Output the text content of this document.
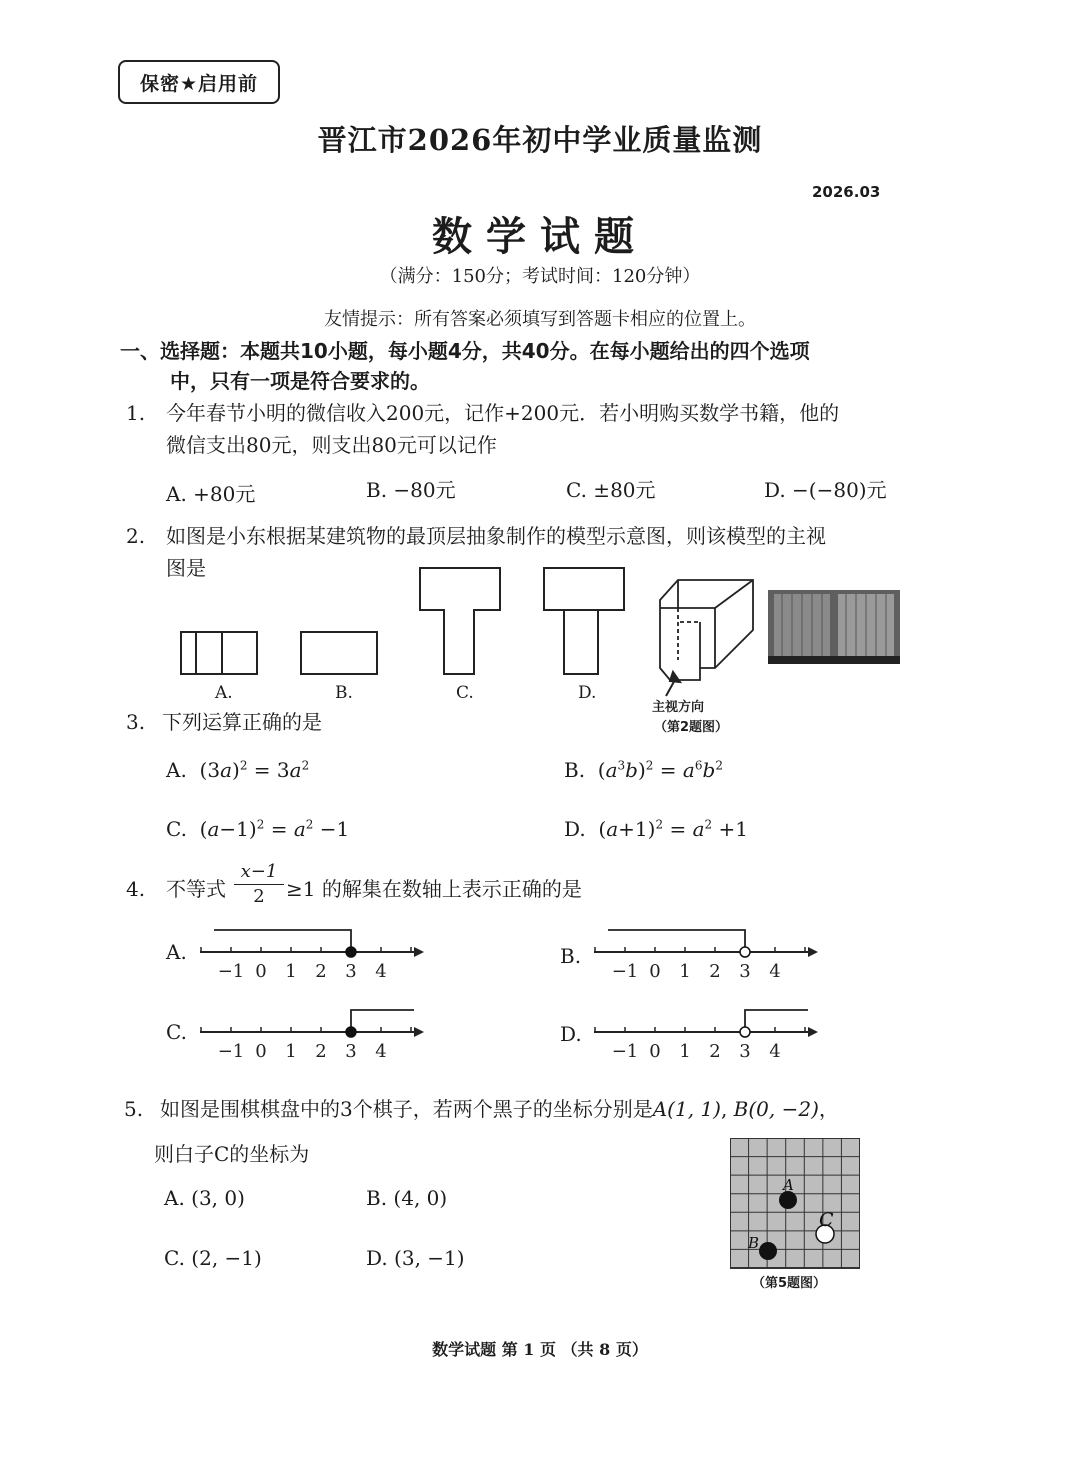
保密★启用前
晋江市2026年初中学业质量监测
2026.03
数学试题
（满分：150分；考试时间：120分钟）
友情提示：所有答案必须填写到答题卡相应的位置上。
一、选择题：本题共10小题，每小题4分，共40分。在每小题给出的四个选项
中，只有一项是符合要求的。
1. 今年春节小明的微信收入200元，记作+200元．若小明购买数学书籍，他的
微信支出80元，则支出80元可以记作
A. +80元	B. −80元	C. ±80元	D. −(−80)元
2. 如图是小东根据某建筑物的最顶层抽象制作的模型示意图，则该模型的主视
图是
A.	B.	C.	D.
主视方向
（第2题图）
3. 下列运算正确的是
A.  $(3a)^2 = 3a^2$	B.  $(a^3b)^2 = a^6b^2$
C.  $(a-1)^2 = a^2 -1$	D.  $(a+1)^2 = a^2 +1$
4. 不等式 $\frac{x-1}{2} \ge 1$ 的解集在数轴上表示正确的是
A.	B.
C.	D.
−1 0 1 2 3 4	−1 0 1 2 3 4
−1 0 1 2 3 4	−1 0 1 2 3 4
5. 如图是围棋棋盘中的3个棋子，若两个黑子的坐标分别是A(1, 1), B(0, −2)，
则白子C的坐标为
A. (3, 0)	B. (4, 0)
C. (2, −1)	D. (3, −1)
A
B
C
（第5题图）
数学试题 第 1 页 （共 8 页）
